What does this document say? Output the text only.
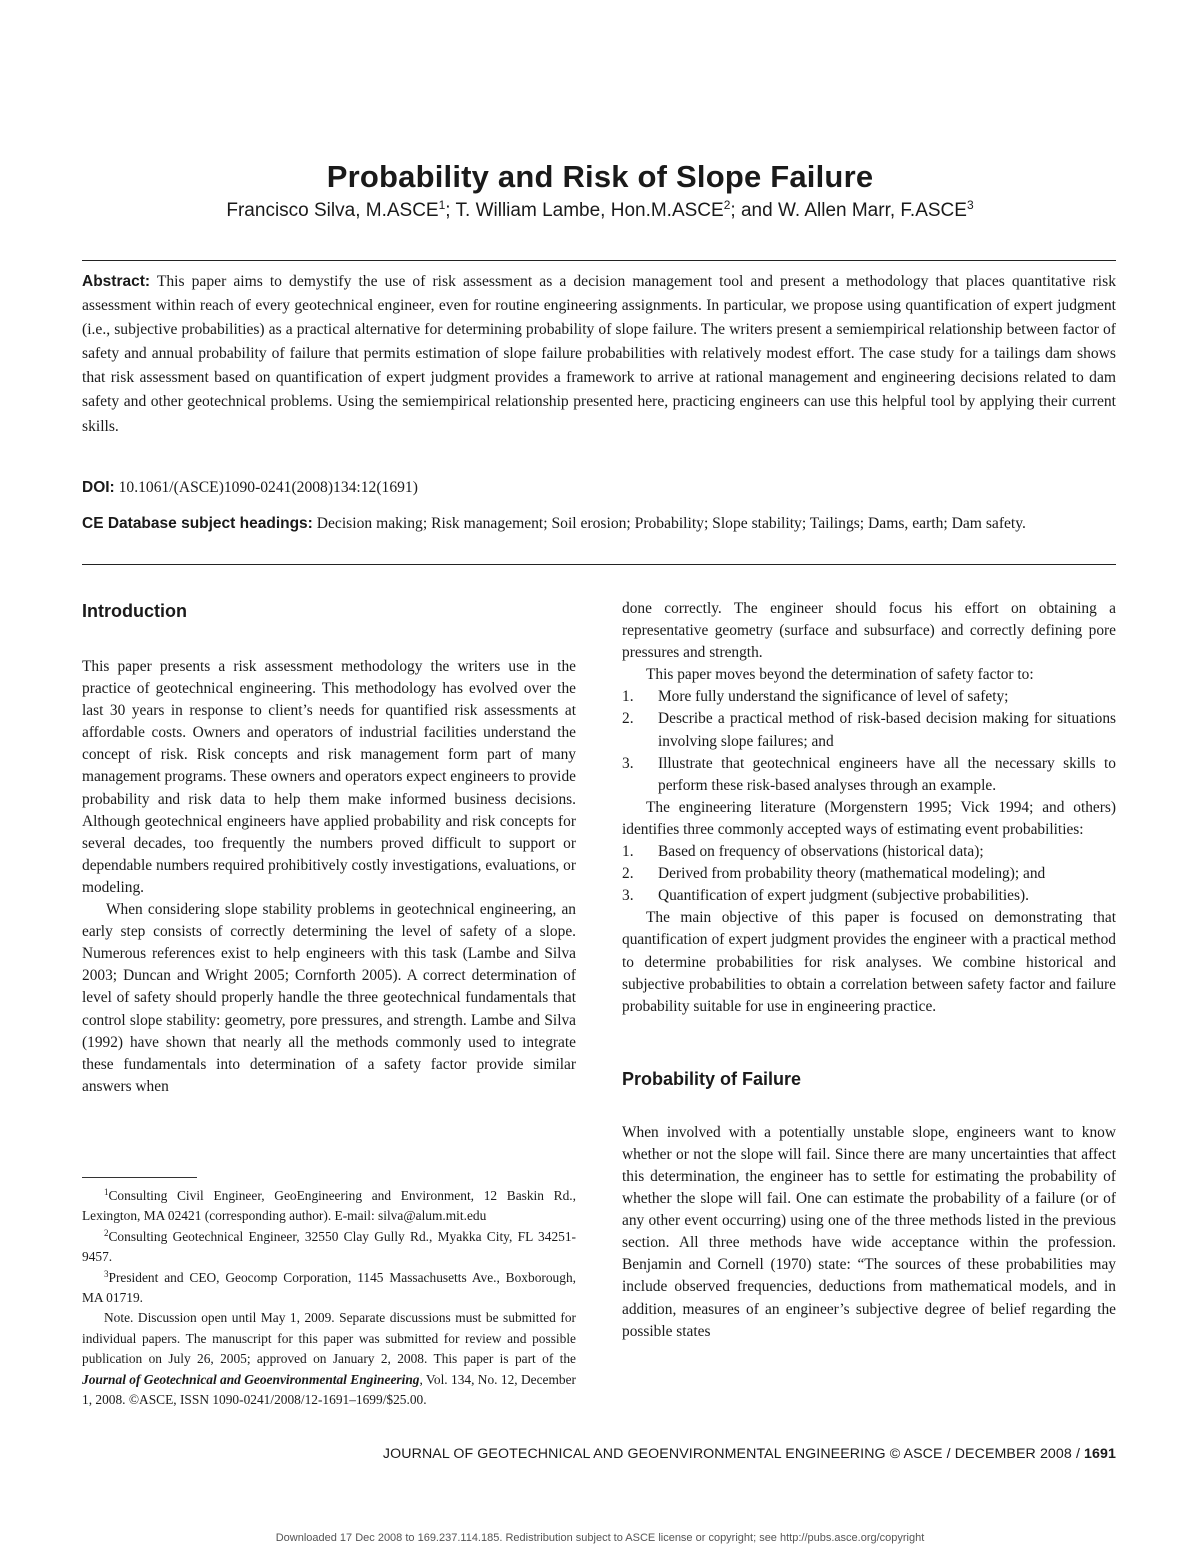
Probability and Risk of Slope Failure
Francisco Silva, M.ASCE$^1$; T. William Lambe, Hon.M.ASCE$^2$; and W. Allen Marr, F.ASCE$^3$
Abstract: This paper aims to demystify the use of risk assessment as a decision management tool and present a methodology that places quantitative risk assessment within reach of every geotechnical engineer, even for routine engineering assignments. In particular, we propose using quantification of expert judgment (i.e., subjective probabilities) as a practical alternative for determining probability of slope failure. The writers present a semiempirical relationship between factor of safety and annual probability of failure that permits estimation of slope failure probabilities with relatively modest effort. The case study for a tailings dam shows that risk assessment based on quantification of expert judgment provides a framework to arrive at rational management and engineering decisions related to dam safety and other geotechnical problems. Using the semiempirical relationship presented here, practicing engineers can use this helpful tool by applying their current skills.
DOI: 10.1061/(ASCE)1090-0241(2008)134:12(1691)
CE Database subject headings: Decision making; Risk management; Soil erosion; Probability; Slope stability; Tailings; Dams, earth; Dam safety.
Introduction

This paper presents a risk assessment methodology the writers use in the practice of geotechnical engineering. This methodology has evolved over the last 30 years in response to client’s needs for quantified risk assessments at affordable costs. Owners and operators of industrial facilities understand the concept of risk. Risk concepts and risk management form part of many management programs. These owners and operators expect engineers to provide probability and risk data to help them make informed business decisions. Although geotechnical engineers have applied probability and risk concepts for several decades, too frequently the numbers proved difficult to support or dependable numbers required prohibitively costly investigations, evaluations, or modeling.

When considering slope stability problems in geotechnical engineering, an early step consists of correctly determining the level of safety of a slope. Numerous references exist to help engineers with this task (Lambe and Silva 2003; Duncan and Wright 2005; Cornforth 2005). A correct determination of level of safety should properly handle the three geotechnical fundamentals that control slope stability: geometry, pore pressures, and strength. Lambe and Silva (1992) have shown that nearly all the methods commonly used to integrate these fundamentals into determination of a safety factor provide similar answers when

$^1$Consulting Civil Engineer, GeoEngineering and Environment, 12 Baskin Rd., Lexington, MA 02421 (corresponding author). E-mail: silva@alum.mit.edu

$^2$Consulting Geotechnical Engineer, 32550 Clay Gully Rd., Myakka City, FL 34251-9457.

$^3$President and CEO, Geocomp Corporation, 1145 Massachusetts Ave., Boxborough, MA 01719.

Note. Discussion open until May 1, 2009. Separate discussions must be submitted for individual papers. The manuscript for this paper was submitted for review and possible publication on July 26, 2005; approved on January 2, 2008. This paper is part of the Journal of Geotechnical and Geoenvironmental Engineering, Vol. 134, No. 12, December 1, 2008. ©ASCE, ISSN 1090-0241/2008/12-1691–1699/$25.00.

done correctly. The engineer should focus his effort on obtaining a representative geometry (surface and subsurface) and correctly defining pore pressures and strength.

This paper moves beyond the determination of safety factor to:

1. More fully understand the significance of level of safety;
2. Describe a practical method of risk-based decision making for situations involving slope failures; and
3. Illustrate that geotechnical engineers have all the necessary skills to perform these risk-based analyses through an example.

The engineering literature (Morgenstern 1995; Vick 1994; and others) identifies three commonly accepted ways of estimating event probabilities:

1. Based on frequency of observations (historical data);
2. Derived from probability theory (mathematical modeling); and
3. Quantification of expert judgment (subjective probabilities).

The main objective of this paper is focused on demonstrating that quantification of expert judgment provides the engineer with a practical method to determine probabilities for risk analyses. We combine historical and subjective probabilities to obtain a correlation between safety factor and failure probability suitable for use in engineering practice.

Probability of Failure

When involved with a potentially unstable slope, engineers want to know whether or not the slope will fail. Since there are many uncertainties that affect this determination, the engineer has to settle for estimating the probability of whether the slope will fail. One can estimate the probability of a failure (or of any other event occurring) using one of the three methods listed in the previous section. All three methods have wide acceptance within the profession. Benjamin and Cornell (1970) state: “The sources of these probabilities may include observed frequencies, deductions from mathematical models, and in addition, measures of an engineer’s subjective degree of belief regarding the possible states

JOURNAL OF GEOTECHNICAL AND GEOENVIRONMENTAL ENGINEERING © ASCE / DECEMBER 2008 / 1691
Downloaded 17 Dec 2008 to 169.237.114.185. Redistribution subject to ASCE license or copyright; see http://pubs.asce.org/copyright
